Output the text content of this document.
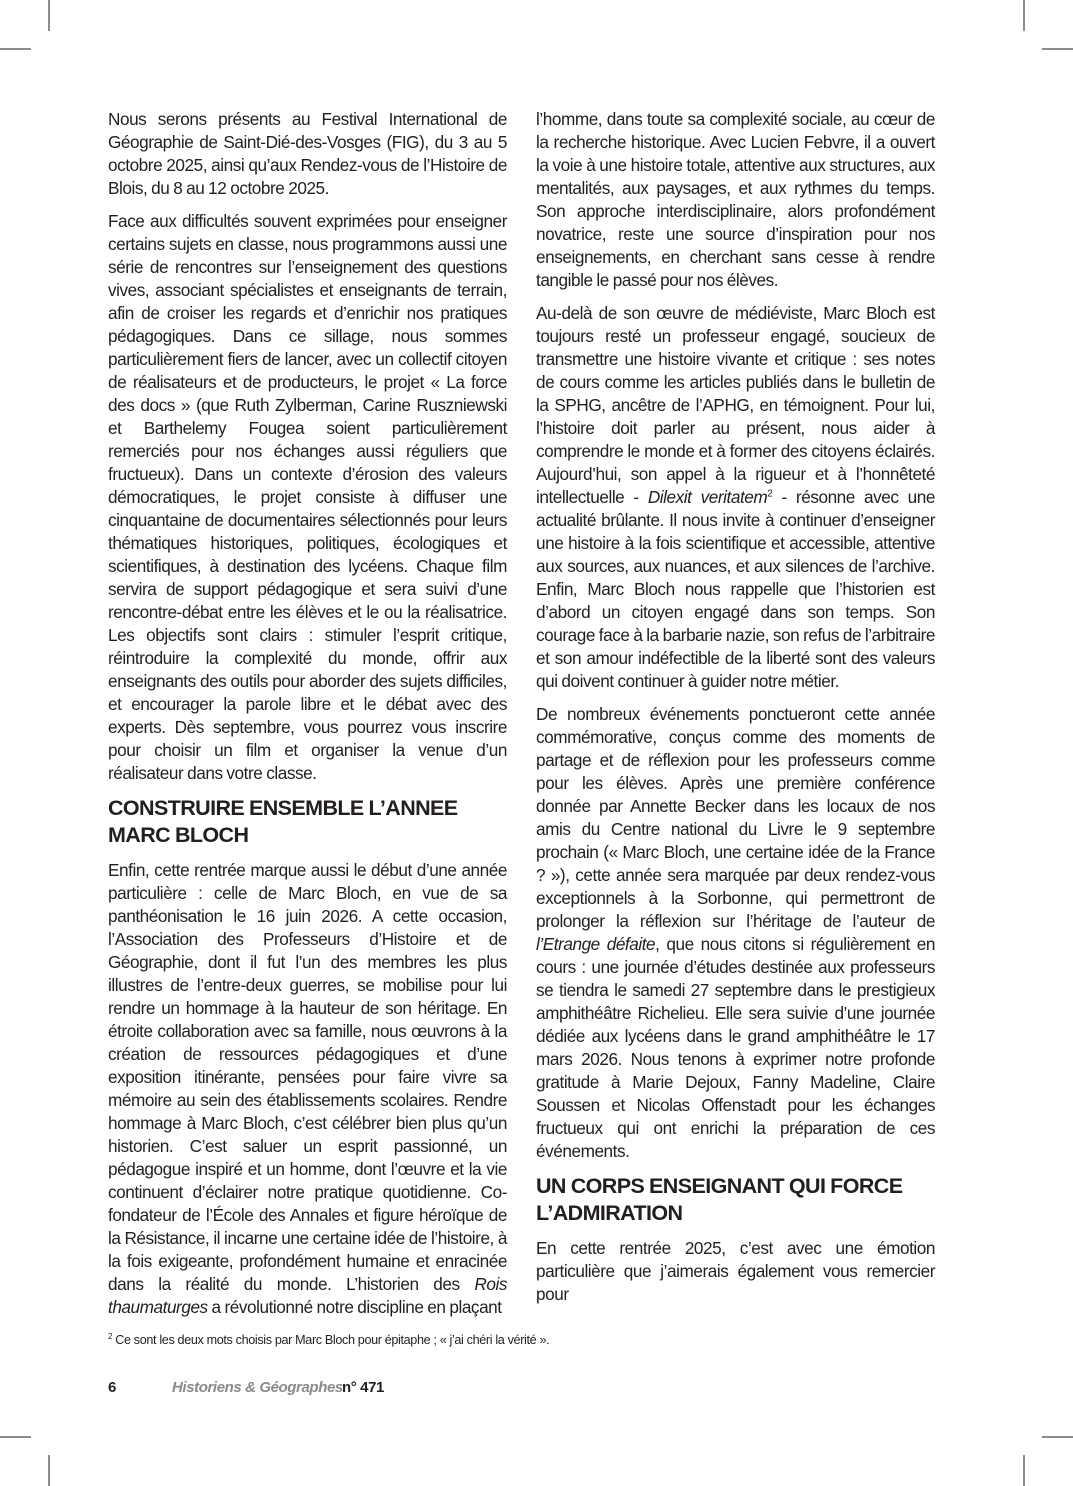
Nous serons présents au Festival International de Géographie de Saint-Dié-des-Vosges (FIG), du 3 au 5 octobre 2025, ainsi qu’aux Rendez-vous de l’Histoire de Blois, du 8 au 12 octobre 2025.

Face aux difficultés souvent exprimées pour enseigner certains sujets en classe, nous programmons aussi une série de rencontres sur l’enseignement des questions vives, associant spécialistes et enseignants de terrain, afin de croiser les regards et d’enrichir nos pratiques pédagogiques. Dans ce sillage, nous sommes particulièrement fiers de lancer, avec un collectif citoyen de réalisateurs et de producteurs, le projet « La force des docs » (que Ruth Zylberman, Carine Ruszniewski et Barthelemy Fougea soient particulièrement remerciés pour nos échanges aussi réguliers que fructueux). Dans un contexte d’érosion des valeurs démocratiques, le projet consiste à diffuser une cinquantaine de documentaires sélectionnés pour leurs thématiques historiques, politiques, écologiques et scientifiques, à destination des lycéens. Chaque film servira de support pédagogique et sera suivi d’une rencontre-débat entre les élèves et le ou la réalisatrice. Les objectifs sont clairs : stimuler l’esprit critique, réintroduire la complexité du monde, offrir aux enseignants des outils pour aborder des sujets difficiles, et encourager la parole libre et le débat avec des experts. Dès septembre, vous pourrez vous inscrire pour choisir un film et organiser la venue d’un réalisateur dans votre classe.

CONSTRUIRE ENSEMBLE L’ANNEE
MARC BLOCH

Enfin, cette rentrée marque aussi le début d’une année particulière : celle de Marc Bloch, en vue de sa panthéonisation le 16 juin 2026. A cette occasion, l’Association des Professeurs d’Histoire et de Géographie, dont il fut l’un des membres les plus illustres de l’entre-deux guerres, se mobilise pour lui rendre un hommage à la hauteur de son héritage. En étroite collaboration avec sa famille, nous œuvrons à la création de ressources pédagogiques et d’une exposition itinérante, pensées pour faire vivre sa mémoire au sein des établissements scolaires. Rendre hommage à Marc Bloch, c’est célébrer bien plus qu’un historien. C’est saluer un esprit passionné, un pédagogue inspiré et un homme, dont l’œuvre et la vie continuent d’éclairer notre pratique quotidienne. Co-fondateur de l’École des Annales et figure héroïque de la Résistance, il incarne une certaine idée de l’histoire, à la fois exigeante, profondément humaine et enracinée dans la réalité du monde. L’historien des Rois thaumaturges a révolutionné notre discipline en plaçant

l’homme, dans toute sa complexité sociale, au cœur de la recherche historique. Avec Lucien Febvre, il a ouvert la voie à une histoire totale, attentive aux structures, aux mentalités, aux paysages, et aux rythmes du temps. Son approche interdisciplinaire, alors profondément novatrice, reste une source d’inspiration pour nos enseignements, en cherchant sans cesse à rendre tangible le passé pour nos élèves.

Au-delà de son œuvre de médiéviste, Marc Bloch est toujours resté un professeur engagé, soucieux de transmettre une histoire vivante et critique : ses notes de cours comme les articles publiés dans le bulletin de la SPHG, ancêtre de l’APHG, en témoignent. Pour lui, l’histoire doit parler au présent, nous aider à comprendre le monde et à former des citoyens éclairés. Aujourd’hui, son appel à la rigueur et à l’honnêteté intellectuelle - Dilexit veritatem$^2$ - résonne avec une actualité brûlante. Il nous invite à continuer d’enseigner une histoire à la fois scientifique et accessible, attentive aux sources, aux nuances, et aux silences de l’archive. Enfin, Marc Bloch nous rappelle que l’historien est d’abord un citoyen engagé dans son temps. Son courage face à la barbarie nazie, son refus de l’arbitraire et son amour indéfectible de la liberté sont des valeurs qui doivent continuer à guider notre métier.

De nombreux événements ponctueront cette année commémorative, conçus comme des moments de partage et de réflexion pour les professeurs comme pour les élèves. Après une première conférence donnée par Annette Becker dans les locaux de nos amis du Centre national du Livre le 9 septembre prochain (« Marc Bloch, une certaine idée de la France ? »), cette année sera marquée par deux rendez-vous exceptionnels à la Sorbonne, qui permettront de prolonger la réflexion sur l’héritage de l’auteur de l’Etrange défaite, que nous citons si régulièrement en cours : une journée d’études destinée aux professeurs se tiendra le samedi 27 septembre dans le prestigieux amphithéâtre Richelieu. Elle sera suivie d’une journée dédiée aux lycéens dans le grand amphithéâtre le 17 mars 2026. Nous tenons à exprimer notre profonde gratitude à Marie Dejoux, Fanny Madeline, Claire Soussen et Nicolas Offenstadt pour les échanges fructueux qui ont enrichi la préparation de ces événements.

UN CORPS ENSEIGNANT QUI FORCE
L’ADMIRATION

En cette rentrée 2025, c’est avec une émotion particulière que j’aimerais également vous remercier pour

$^2$ Ce sont les deux mots choisis par Marc Bloch pour épitaphe ; « j’ai chéri la vérité ».
6	Historiens & Géographes n° 471
